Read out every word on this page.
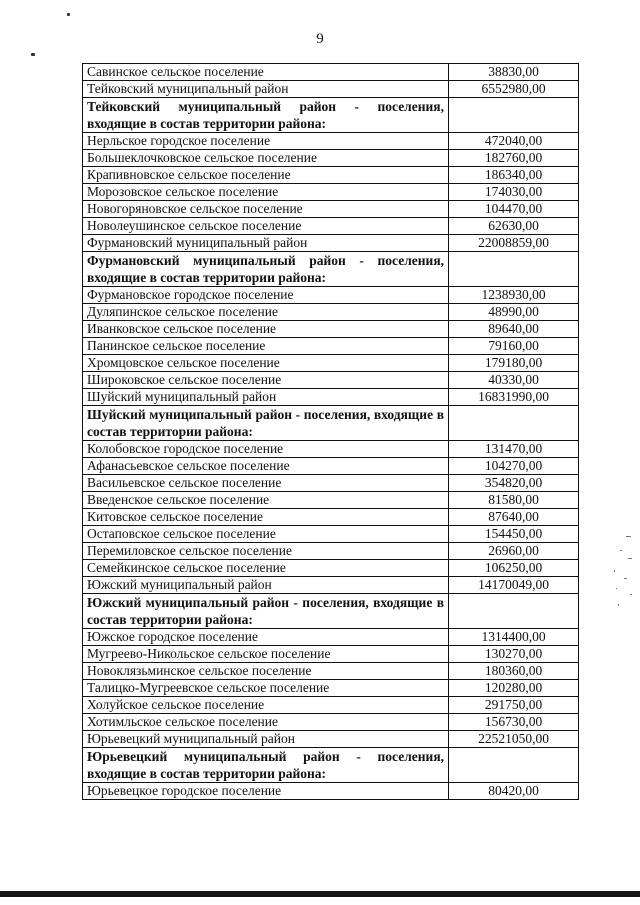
9
Савинское сельское поселение	38830,00
Тейковский муниципальный район	6552980,00
Тейковский муниципальный район - поселения, входящие в состав территории района:	
Нерльское городское поселение	472040,00
Большеклочковское сельское поселение	182760,00
Крапивновское сельское поселение	186340,00
Морозовское сельское поселение	174030,00
Новогоряновское сельское поселение	104470,00
Новолеушинское сельское поселение	62630,00
Фурмановский муниципальный район	22008859,00
Фурмановский муниципальный район - поселения, входящие в состав территории района:	
Фурмановское городское поселение	1238930,00
Дуляпинское сельское поселение	48990,00
Иванковское сельское поселение	89640,00
Панинское сельское поселение	79160,00
Хромцовское сельское поселение	179180,00
Широковское сельское поселение	40330,00
Шуйский муниципальный район	16831990,00
Шуйский муниципальный район - поселения, входящие в состав территории района:	
Колобовское городское поселение	131470,00
Афанасьевское сельское поселение	104270,00
Васильевское сельское поселение	354820,00
Введенское сельское поселение	81580,00
Китовское сельское поселение	87640,00
Остаповское сельское поселение	154450,00
Перемиловское сельское поселение	26960,00
Семейкинское сельское поселение	106250,00
Южский муниципальный район	14170049,00
Южский муниципальный район - поселения, входящие в состав территории района:	
Южское городское поселение	1314400,00
Мугреево-Никольское сельское поселение	130270,00
Новоклязьминское сельское поселение	180360,00
Талицко-Мугреевское сельское поселение	120280,00
Холуйское сельское поселение	291750,00
Хотимльское сельское поселение	156730,00
Юрьевецкий муниципальный район	22521050,00
Юрьевецкий муниципальный район - поселения, входящие в состав территории района:	
Юрьевецкое городское поселение	80420,00
